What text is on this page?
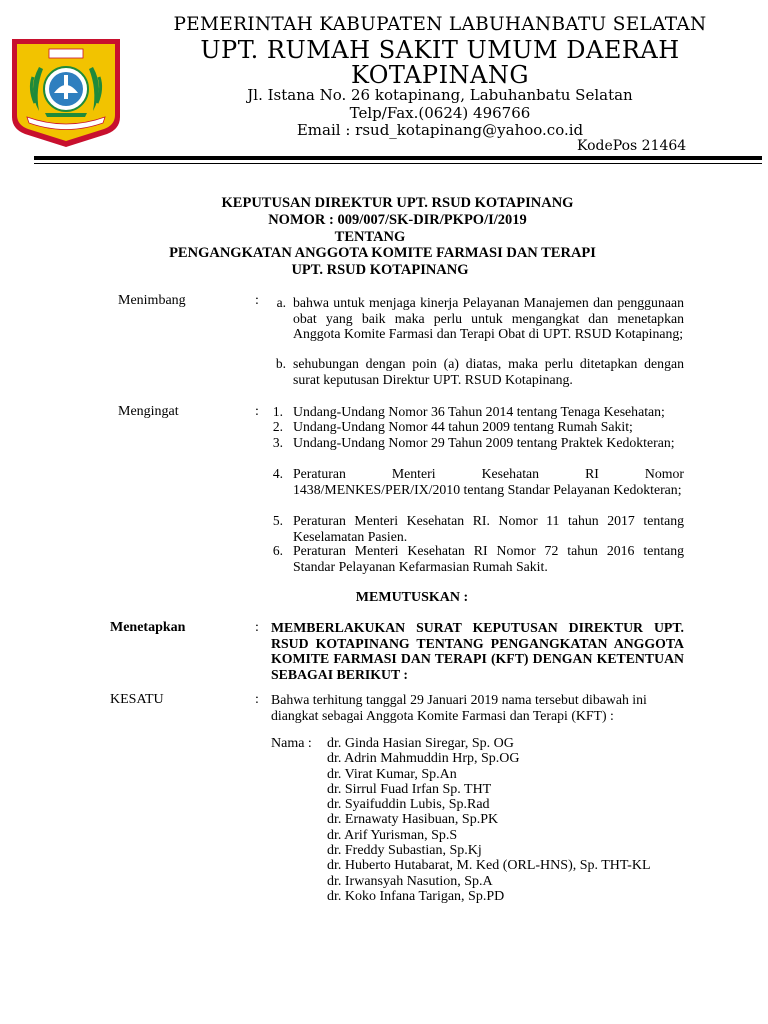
PEMERINTAH KABUPATEN LABUHANBATU SELATAN
UPT. RUMAH SAKIT UMUM DAERAH
KOTAPINANG
Jl. Istana No. 26 kotapinang, Labuhanbatu Selatan
Telp/Fax.(0624) 496766
Email : rsud_kotapinang@yahoo.co.id
KodePos 21464
KEPUTUSAN DIREKTUR UPT. RSUD KOTAPINANG
NOMOR : 009/007/SK-DIR/PKPO/I/2019
TENTANG
PENGANGKATAN ANGGOTA KOMITE FARMASI DAN TERAPI
UPT. RSUD KOTAPINANG
Menimbang	:	a. bahwa untuk menjaga kinerja Pelayanan Manajemen dan penggunaan obat yang baik maka perlu untuk mengangkat dan menetapkan Anggota Komite Farmasi dan Terapi Obat di UPT. RSUD Kotapinang;
b. sehubungan dengan poin (a) diatas, maka perlu ditetapkan dengan surat keputusan Direktur UPT. RSUD Kotapinang.
Mengingat	:	1. Undang-Undang Nomor 36 Tahun 2014 tentang Tenaga Kesehatan;
2. Undang-Undang Nomor 44 tahun 2009 tentang Rumah Sakit;
3. Undang-Undang Nomor 29 Tahun 2009 tentang Praktek Kedokteran;
4. Peraturan Menteri Kesehatan RI Nomor 1438/MENKES/PER/IX/2010 tentang Standar Pelayanan Kedokteran;
5. Peraturan Menteri Kesehatan RI. Nomor 11 tahun 2017 tentang Keselamatan Pasien.
6. Peraturan Menteri Kesehatan RI Nomor 72 tahun 2016 tentang Standar Pelayanan Kefarmasian Rumah Sakit.
MEMUTUSKAN :
Menetapkan	: MEMBERLAKUKAN SURAT KEPUTUSAN DIREKTUR UPT. RSUD KOTAPINANG TENTANG PENGANGKATAN ANGGOTA KOMITE FARMASI DAN TERAPI (KFT) DENGAN KETENTUAN SEBAGAI BERIKUT :
KESATU	: Bahwa terhitung tanggal 29 Januari 2019 nama tersebut dibawah ini diangkat sebagai Anggota Komite Farmasi dan Terapi (KFT) :
Nama : dr. Ginda Hasian Siregar, Sp. OG
dr. Adrin Mahmuddin Hrp, Sp.OG
dr. Virat Kumar, Sp.An
dr. Sirrul Fuad Irfan Sp. THT
dr. Syaifuddin Lubis, Sp.Rad
dr. Ernawaty Hasibuan, Sp.PK
dr. Arif Yurisman, Sp.S
dr. Freddy Subastian, Sp.Kj
dr. Huberto Hutabarat, M. Ked (ORL-HNS), Sp. THT-KL
dr. Irwansyah Nasution, Sp.A
dr. Koko Infana Tarigan, Sp.PD
